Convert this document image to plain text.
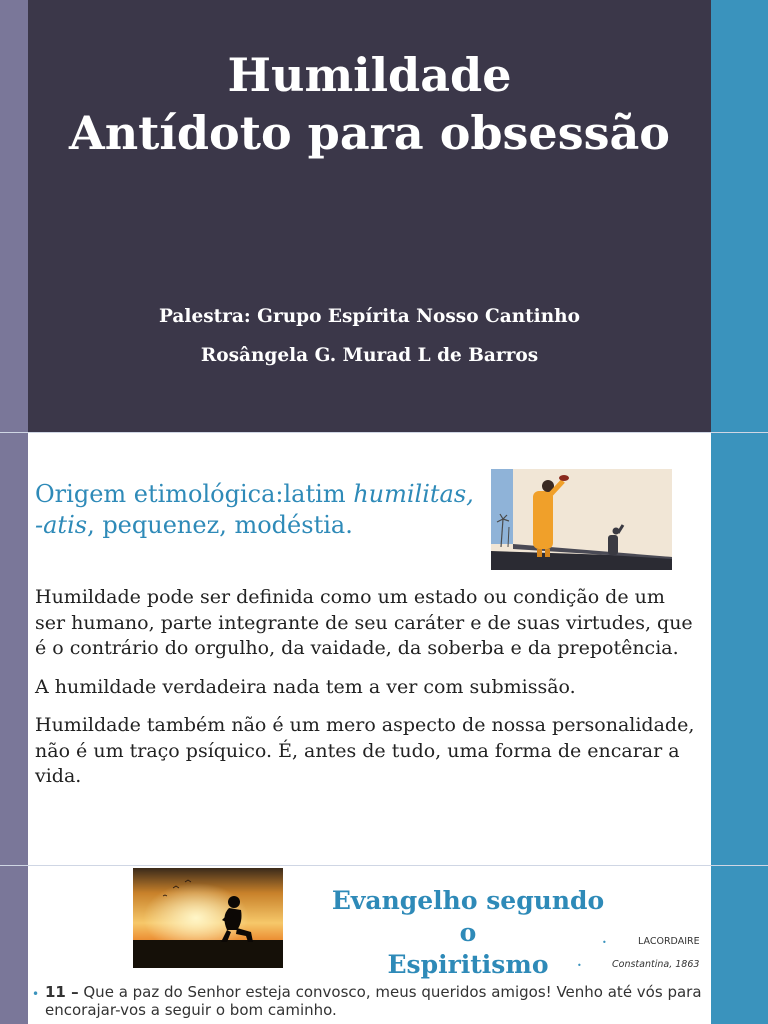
Humildade
Antídoto para obsessão
Palestra: Grupo Espírita Nosso Cantinho
Rosângela G. Murad L de Barros
Origem etimológica:latim humilitas, -atis, pequenez, modéstia.

Humildade pode ser definida como um estado ou condição de um ser humano, parte integrante de seu caráter e de suas virtudes, que é o contrário do orgulho, da vaidade, da soberba e da prepotência.

A humildade verdadeira nada tem a ver com submissão.

Humildade também não é um mero aspecto de nossa personalidade, não é um traço psíquico. É, antes de tudo, uma forma de encarar a vida.

Evangelho segundo o
Espiritismo
•	LACORDAIRE
•	Constantina, 1863
• 11 – Que a paz do Senhor esteja convosco, meus queridos amigos! Venho até vós para encorajar-vos a seguir o bom caminho.
